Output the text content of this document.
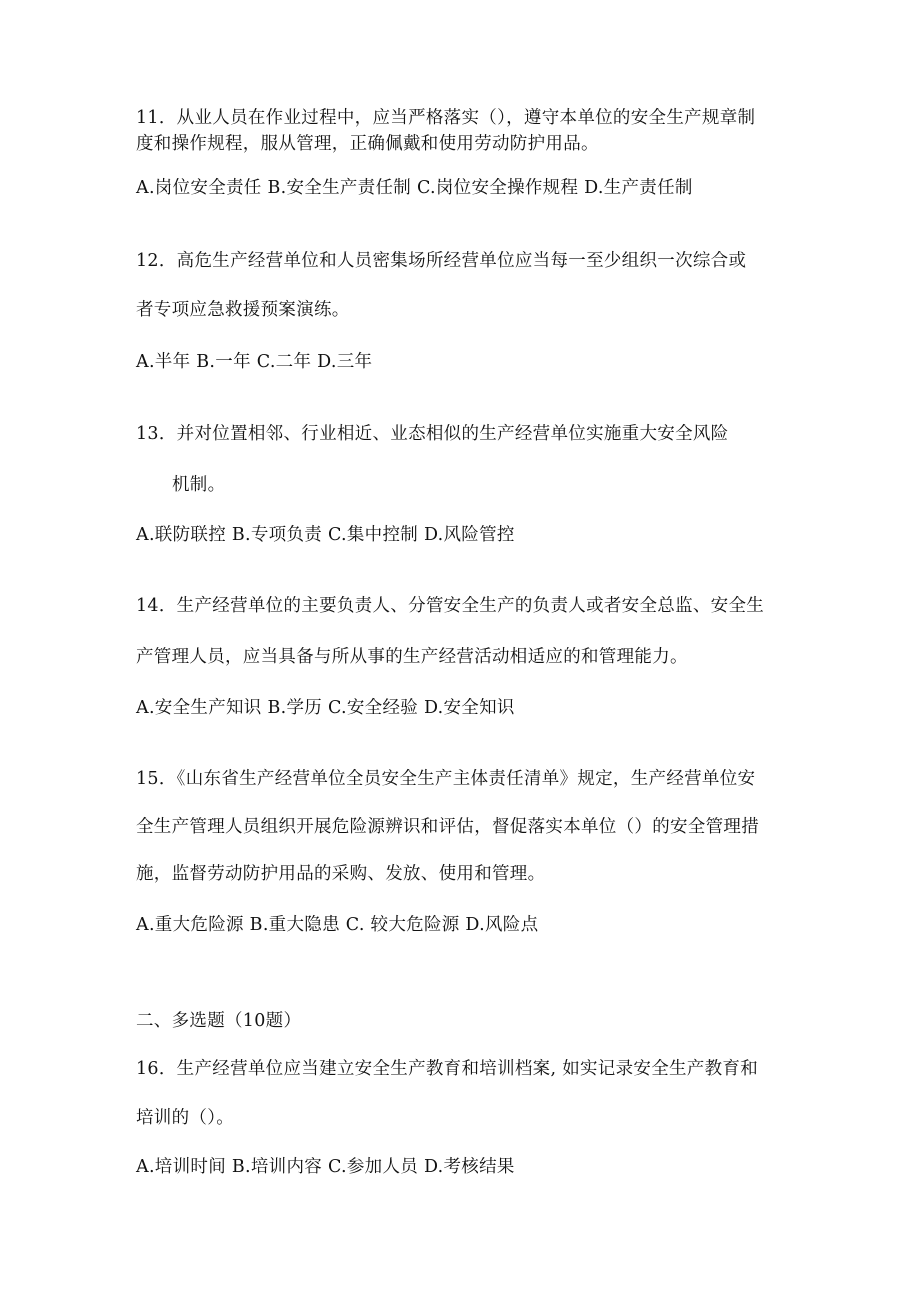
11．从业人员在作业过程中，应当严格落实（），遵守本单位的安全生产规章制
度和操作规程，服从管理，正确佩戴和使用劳动防护用品。
A.岗位安全责任 B.安全生产责任制 C.岗位安全操作规程 D.生产责任制
12．高危生产经营单位和人员密集场所经营单位应当每一至少组织一次综合或
者专项应急救援预案演练。
A.半年 B.一年 C.二年 D.三年
13．并对位置相邻、行业相近、业态相似的生产经营单位实施重大安全风险
机制。
A.联防联控 B.专项负责 C.集中控制 D.风险管控
14．生产经营单位的主要负责人、分管安全生产的负责人或者安全总监、安全生
产管理人员，应当具备与所从事的生产经营活动相适应的和管理能力。
A.安全生产知识 B.学历 C.安全经验 D.安全知识
15．《山东省生产经营单位全员安全生产主体责任清单》规定，生产经营单位安
全生产管理人员组织开展危险源辨识和评估，督促落实本单位（）的安全管理措
施，监督劳动防护用品的采购、发放、使用和管理。
A.重大危险源 B.重大隐患 C. 较大危险源 D.风险点
二、多选题（10题）
16．生产经营单位应当建立安全生产教育和培训档案, 如实记录安全生产教育和
培训的（）。
A.培训时间 B.培训内容 C.参加人员 D.考核结果
